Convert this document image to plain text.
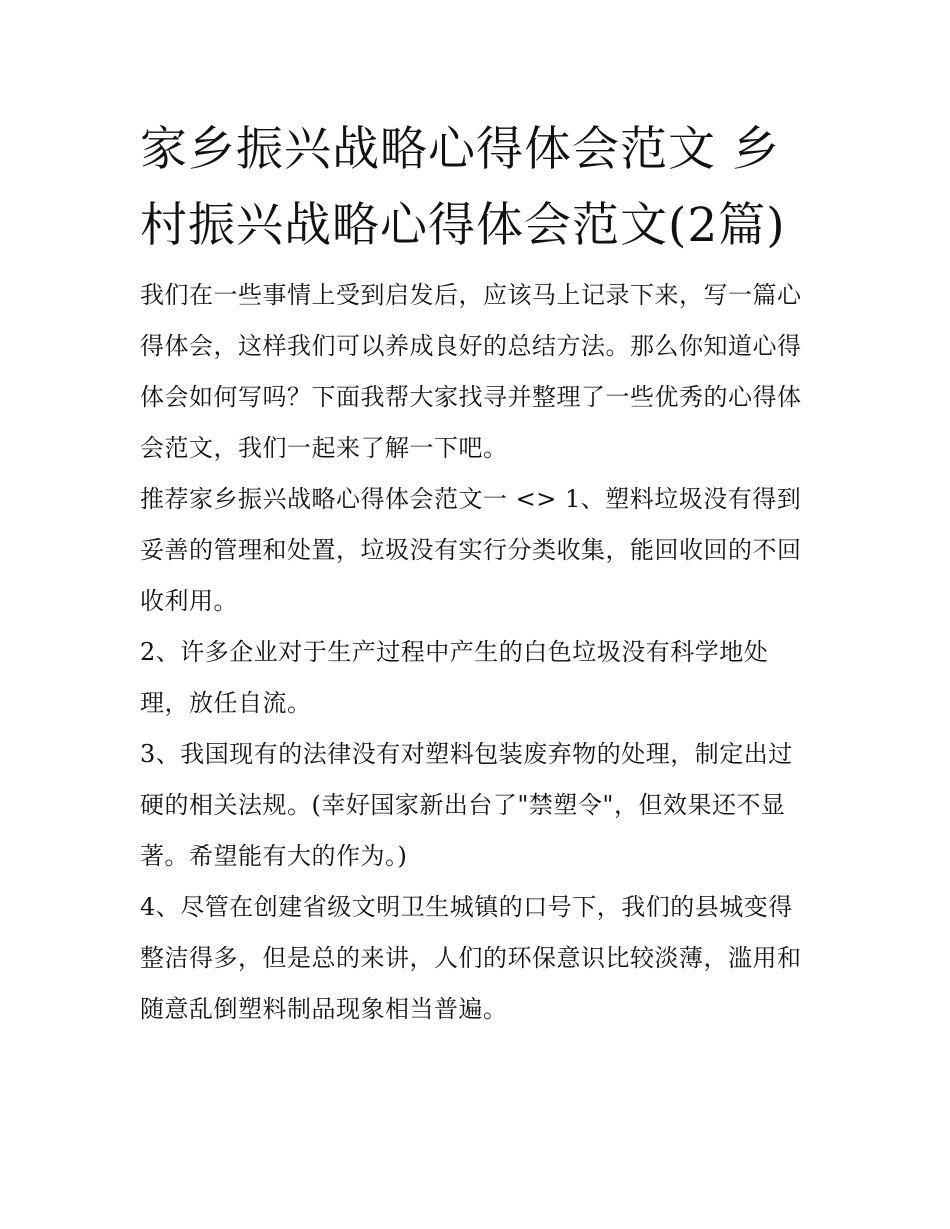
家乡振兴战略心得体会范文 乡村振兴战略心得体会范文(2篇)

我们在一些事情上受到启发后，应该马上记录下来，写一篇心得体会，这样我们可以养成良好的总结方法。那么你知道心得体会如何写吗？下面我帮大家找寻并整理了一些优秀的心得体会范文，我们一起来了解一下吧。

推荐家乡振兴战略心得体会范文一 <> 1、塑料垃圾没有得到妥善的管理和处置，垃圾没有实行分类收集，能回收回的不回收利用。

2、许多企业对于生产过程中产生的白色垃圾没有科学地处理，放任自流。

3、我国现有的法律没有对塑料包装废弃物的处理，制定出过硬的相关法规。(幸好国家新出台了"禁塑令"，但效果还不显著。希望能有大的作为。)

4、尽管在创建省级文明卫生城镇的口号下，我们的县城变得整洁得多，但是总的来讲，人们的环保意识比较淡薄，滥用和随意乱倒塑料制品现象相当普遍。
